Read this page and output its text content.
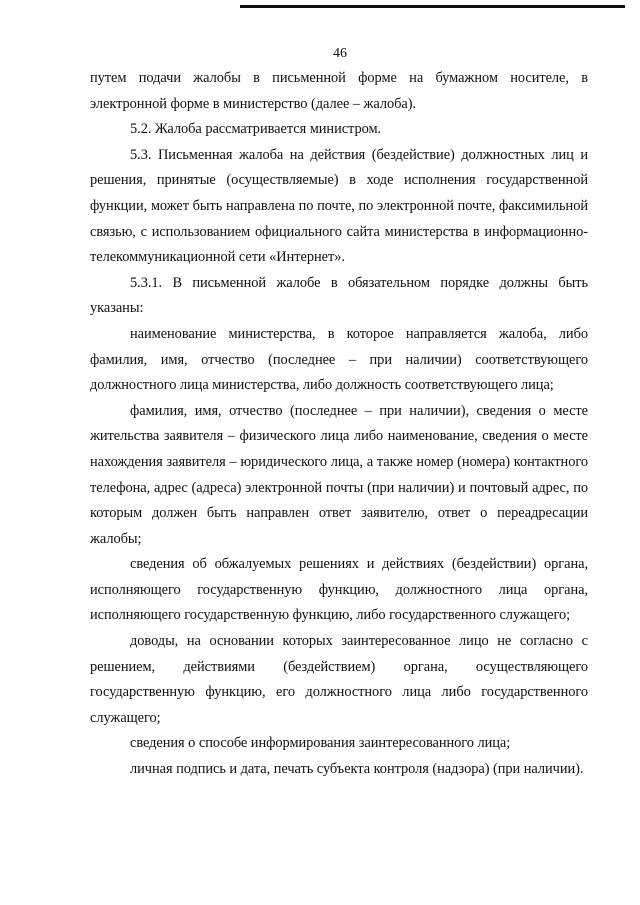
46

путем подачи жалобы в письменной форме на бумажном носителе, в электронной форме в министерство (далее – жалоба).

5.2. Жалоба рассматривается министром.

5.3. Письменная жалоба на действия (бездействие) должностных лиц и решения, принятые (осуществляемые) в ходе исполнения государственной функции, может быть направлена по почте, по электронной почте, факсимильной связью, с использованием официального сайта министерства в информационно-телекоммуникационной сети «Интернет».

5.3.1. В письменной жалобе в обязательном порядке должны быть указаны:

наименование министерства, в которое направляется жалоба, либо фамилия, имя, отчество (последнее – при наличии) соответствующего должностного лица министерства, либо должность соответствующего лица;

фамилия, имя, отчество (последнее – при наличии), сведения о месте жительства заявителя – физического лица либо наименование, сведения о месте нахождения заявителя – юридического лица, а также номер (номера) контактного телефона, адрес (адреса) электронной почты (при наличии) и почтовый адрес, по которым должен быть направлен ответ заявителю, ответ о переадресации жалобы;

сведения об обжалуемых решениях и действиях (бездействии) органа, исполняющего государственную функцию, должностного лица органа, исполняющего государственную функцию, либо государственного служащего;

доводы, на основании которых заинтересованное лицо не согласно с решением, действиями (бездействием) органа, осуществляющего государственную функцию, его должностного лица либо государственного служащего;

сведения о способе информирования заинтересованного лица;

личная подпись и дата, печать субъекта контроля (надзора) (при наличии).
